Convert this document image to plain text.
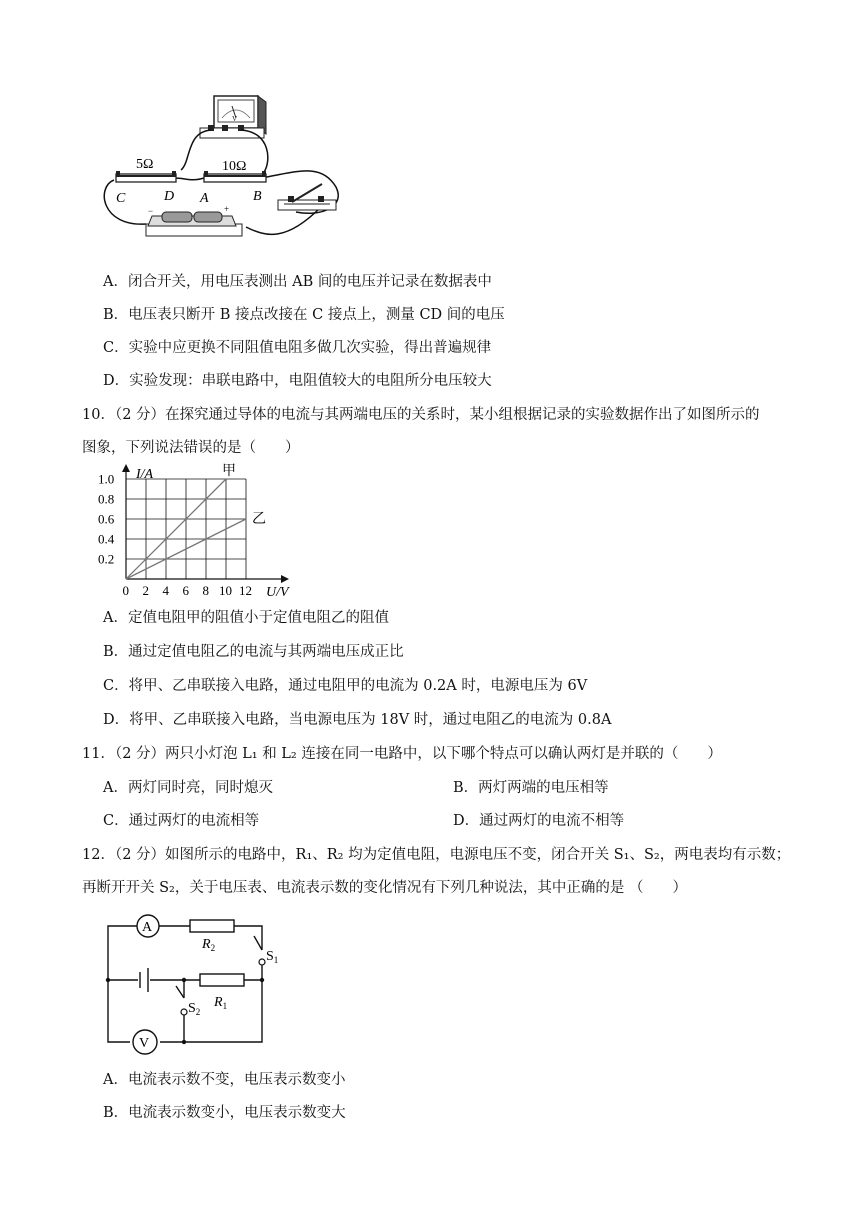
V
5Ω	10Ω
C	D A	B
−	+
A．闭合开关，用电压表测出 AB 间的电压并记录在数据表中
B．电压表只断开 B 接点改接在 C 接点上，测量 CD 间的电压
C．实验中应更换不同阻值电阻多做几次实验，得出普遍规律
D．实验发现：串联电路中，电阻值较大的电阻所分电压较大
10．（2 分）在探究通过导体的电流与其两端电压的关系时，某小组根据记录的实验数据作出了如图所示的
图象，下列说法错误的是（　　）
0 2 4 6 8 10 12
0.2
0.4
0.6
0.8
1.0	甲
乙
I/A
U/V
A．定值电阻甲的阻值小于定值电阻乙的阻值
B．通过定值电阻乙的电流与其两端电压成正比
C．将甲、乙串联接入电路，通过电阻甲的电流为 0.2A 时，电源电压为 6V
D．将甲、乙串联接入电路，当电源电压为 18V 时，通过电阻乙的电流为 0.8A
11．（2 分）两只小灯泡 L₁ 和 L₂ 连接在同一电路中，以下哪个特点可以确认两灯是并联的（　　）
A．两灯同时亮，同时熄灭	B．两灯两端的电压相等
C．通过两灯的电流相等	D．通过两灯的电流不相等
12．（2 分）如图所示的电路中，R₁、R₂ 均为定值电阻，电源电压不变，闭合开关 S₁、S₂，两电表均有示数；
再断开开关 S₂，关于电压表、电流表示数的变化情况有下列几种说法，其中正确的是 （　　）
A
$R_2$
$S_1$
$R_1$
$S_2$
V
A．电流表示数不变，电压表示数变小
B．电流表示数变小，电压表示数变大
